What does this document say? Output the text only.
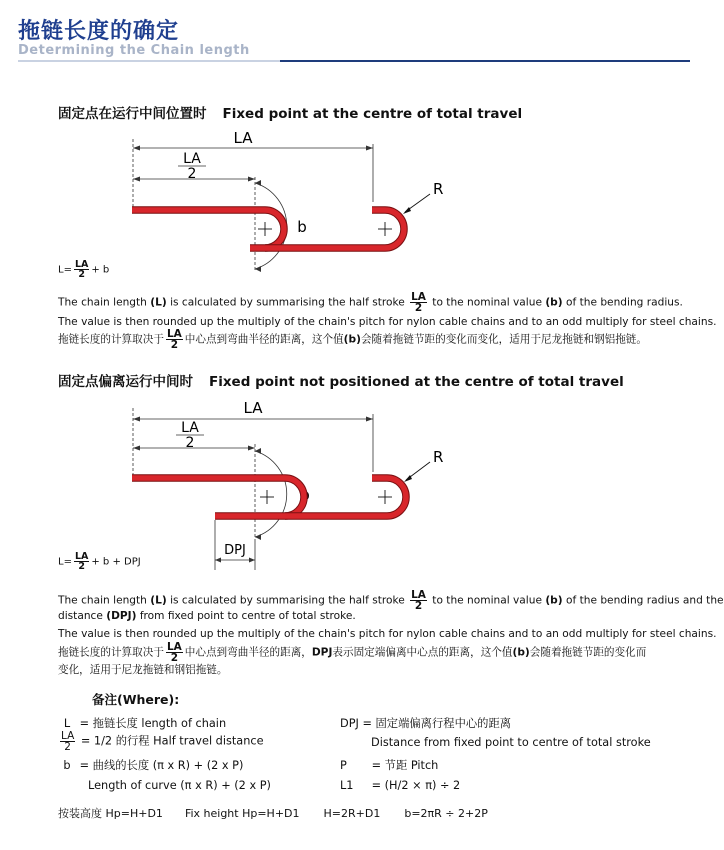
拖链长度的确定
Determining the Chain length
固定点在运行中间位置时 Fixed point at the centre of total travel
LA
LA
2
b
R
$L= \frac{LA}{2} + b$
The chain length (L) is calculated by summarising the half stroke $\frac{LA}{2}$ to the nominal value (b) of the bending radius.
The value is then rounded up the multiply of the chain's pitch for nylon cable chains and to an odd multiply for steel chains.
拖链长度的计算取决于 $\frac{LA}{2}$ 中心点到弯曲半径的距离，这个值(b)会随着拖链节距的变化而变化，适用于尼龙拖链和钢铝拖链。
固定点偏离运行中间时 Fixed point not positioned at the centre of total travel
LA
LA
2
b
R
DPJ
$L= \frac{LA}{2} + b$ + DPJ
The chain length (L) is calculated by summarising the half stroke $\frac{LA}{2}$ to the nominal value (b) of the bending radius and the
distance (DPJ) from fixed point to centre of total stroke.
The value is then rounded up the multiply of the chain's pitch for nylon cable chains and to an odd multiply for steel chains.
拖链长度的计算取决于 $\frac{LA}{2}$ 中心点到弯曲半径的距离，DPJ表示固定端偏离中心点的距离，这个值(b)会随着拖链节距的变化而
变化，适用于尼龙拖链和钢铝拖链。
备注(Where):
L = 拖链长度 length of chain
$\frac{LA}{2} = 1/2$ 的行程 Half travel distance
b = 曲线的长度 (π x R) + (2 x P)
Length of curve (π x R) + (2 x P)
DPJ = 固定端偏离行程中心的距离
Distance from fixed point to centre of total stroke
P = 节距 Pitch
L1 = (H/2 × π) ÷ 2
按装高度 Hp=H+D1 Fix height Hp=H+D1 H=2R+D1 b=2πR ÷ 2+2P
